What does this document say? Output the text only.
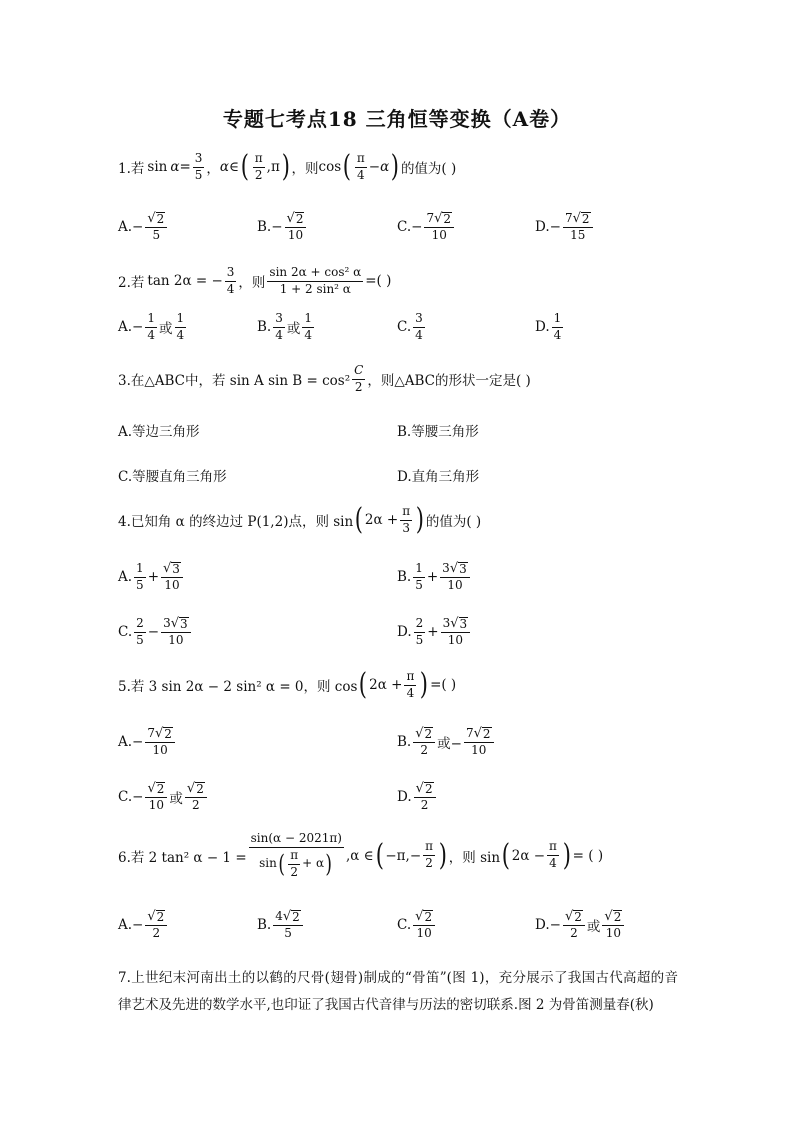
专题七考点18 三角恒等变换（A卷）
1.若 $\sin \alpha = \frac{3}{5}$ ， α ∈ ( $\frac{\pi}{2}$ , π ) ，则 cos ( $\frac{\pi}{4} - \alpha$ ) 的值为( )
A. − $\frac{√ 2}{5}$	B. − $\frac{√ 2}{10}$	C. − $\frac{7 √ 2}{10}$	D. − $\frac{7 √ 2}{15}$
2.若 tan 2α = − $\frac{3}{4}$ ，则 $\frac{\text{sin 2α + cos² α}}{\text{1 + 2 sin² α}}$ =( )
A. − $\frac{1}{4}$ 或 $\frac{1}{4}$	B. $\frac{3}{4}$ 或 $\frac{1}{4}$	C. $\frac{3}{4}$	D. $\frac{1}{4}$
3.在△ABC中，若 sin A $\sin B = \cos^2 \frac{C}{2}$ ，则△ABC的形状一定是( )
A.等边三角形	B.等腰三角形
C.等腰直角三角形	D.直角三角形
4.已知角 α 的终边过 P(1,2)点，则 sin ( $2\alpha + \frac{\pi}{3}$ ) 的值为( )
A. $\frac{1}{5} + \frac{√ 3}{10}$	B. $\frac{1}{5} + \frac{3 √ 3}{10}$
C. $\frac{2}{5} - \frac{3 √ 3}{10}$	D. $\frac{2}{5} + \frac{3 √ 3}{10}$
5.若 3 sin 2α − 2 sin² α = 0，则 cos ( $2\alpha + \frac{\pi}{4}$ ) =( )
A. − $\frac{7 √ 2}{10}$	B. $\frac{√ 2}{2}$ 或− $\frac{7 √ 2}{10}$
C. − $\frac{√ 2}{10}$ 或 $\frac{√ 2}{2}$	D. $\frac{√ 2}{2}$
6.若 2 tan² $\alpha - 1 = \frac{\sin(\alpha - 2021\pi)}{\sin ( \frac{\pi}{2} + \alpha )} ,\alpha$ ∈ ( $-\pi,- \frac{\pi}{2}$ ) ，则 sin ( $2\alpha - \frac{\pi}{4}$ ) = ( )
A. − $\frac{√ 2}{2}$	B. $\frac{4 √ 2}{5}$	C. $\frac{√ 2}{10}$	D. − $\frac{√ 2}{2}$ 或 $\frac{√ 2}{10}$
7.上世纪末河南出土的以鹤的尺骨(翅骨)制成的“骨笛”(图 1)，充分展示了我国古代高超的音律艺术及先进的数学水平,也印证了我国古代音律与历法的密切联系.图 2 为骨笛测量春(秋)
